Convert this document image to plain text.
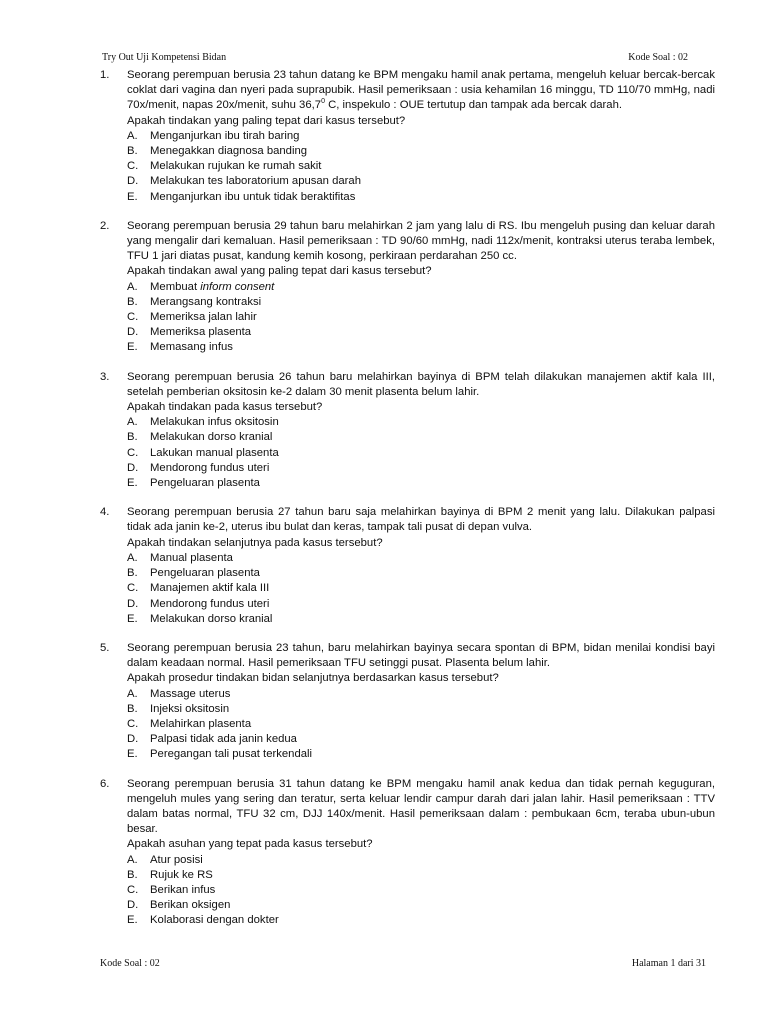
Try Out Uji Kompetensi Bidan	Kode Soal : 02
1.	Seorang perempuan berusia 23 tahun datang ke BPM mengaku hamil anak pertama, mengeluh keluar bercak-bercak coklat dari vagina dan nyeri pada suprapubik. Hasil pemeriksaan : usia kehamilan 16 minggu, TD 110/70 mmHg, nadi 70x/menit, napas 20x/menit, suhu 36,7$^0$ C, inspekulo : OUE tertutup dan tampak ada bercak darah.
Apakah tindakan yang paling tepat dari kasus tersebut?
A.	Menganjurkan ibu tirah baring
B.	Menegakkan diagnosa banding
C.	Melakukan rujukan ke rumah sakit
D.	Melakukan tes laboratorium apusan darah
E.	Menganjurkan ibu untuk tidak beraktifitas
2.	Seorang perempuan berusia 29 tahun baru melahirkan 2 jam yang lalu di RS. Ibu mengeluh pusing dan keluar darah yang mengalir dari kemaluan. Hasil pemeriksaan : TD 90/60 mmHg, nadi 112x/menit, kontraksi uterus teraba lembek, TFU 1 jari diatas pusat, kandung kemih kosong, perkiraan perdarahan 250 cc.
Apakah tindakan awal yang paling tepat dari kasus tersebut?
A.	Membuat inform consent
B.	Merangsang kontraksi
C.	Memeriksa jalan lahir
D.	Memeriksa plasenta
E.	Memasang infus
3.	Seorang perempuan berusia 26 tahun baru melahirkan bayinya di BPM telah dilakukan manajemen aktif kala III, setelah pemberian oksitosin ke-2 dalam 30 menit plasenta belum lahir.
Apakah tindakan pada kasus tersebut?
A.	Melakukan infus oksitosin
B.	Melakukan dorso kranial
C.	Lakukan manual plasenta
D.	Mendorong fundus uteri
E.	Pengeluaran plasenta
4.	Seorang perempuan berusia 27 tahun baru saja melahirkan bayinya di BPM 2 menit yang lalu. Dilakukan palpasi tidak ada janin ke-2, uterus ibu bulat dan keras, tampak tali pusat di depan vulva.
Apakah tindakan selanjutnya pada kasus tersebut?
A.	Manual plasenta
B.	Pengeluaran plasenta
C.	Manajemen aktif kala III
D.	Mendorong fundus uteri
E.	Melakukan dorso kranial
5.	Seorang perempuan berusia 23 tahun, baru melahirkan bayinya secara spontan di BPM, bidan menilai kondisi bayi dalam keadaan normal. Hasil pemeriksaan TFU setinggi pusat. Plasenta belum lahir.
Apakah prosedur tindakan bidan selanjutnya berdasarkan kasus tersebut?
A.	Massage uterus
B.	Injeksi oksitosin
C.	Melahirkan plasenta
D.	Palpasi tidak ada janin kedua
E.	Peregangan tali pusat terkendali
6.	Seorang perempuan berusia 31 tahun datang ke BPM mengaku hamil anak kedua dan tidak pernah keguguran, mengeluh mules yang sering dan teratur, serta keluar lendir campur darah dari jalan lahir. Hasil pemeriksaan : TTV dalam batas normal, TFU 32 cm, DJJ 140x/menit. Hasil pemeriksaan dalam : pembukaan 6cm, teraba ubun-ubun besar.
Apakah asuhan yang tepat pada kasus tersebut?
A.	Atur posisi
B.	Rujuk ke RS
C.	Berikan infus
D.	Berikan oksigen
E.	Kolaborasi dengan dokter
Kode Soal : 02	Halaman 1 dari 31
